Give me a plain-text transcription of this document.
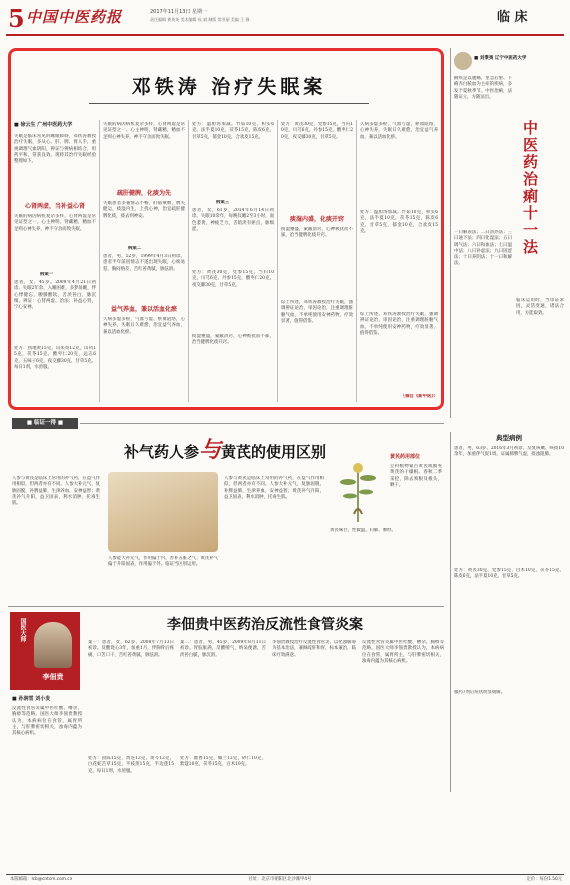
5 中国中医药报	2017年11月13日 星期一
责任编辑 黄英英 美术编辑 侯 斌 制版 常亚丽 美编 王 静	临 床
邓铁涛 治疗失眠案
■ 徐云生 广州中医药大学
失眠是临床常见的睡眠障碍，邓铁涛教授治疗失眠，多从心、肝、脾、胃入手，重视调理气血阴阳，辨证与辨病相结合，用药平和，常获良效。现将其治疗失眠经验整理如下。
心肾两虚，当补益心肾
失眠的病因病机复杂多样，心肾两虚是常见证型之一。心主神明，肾藏精，精血不足则心神失养，神不守舍而致失眠。
病案一
患者，女，45岁。2009年4月21日初诊。失眠2年余，入睡困难，多梦易醒，伴心悸健忘，腰膝酸软，舌淡苔白，脉沉细。辨证：心肾两虚。治法：补益心肾，宁心安神。
处方：熟地黄15克，山茱萸12克，山药15克，茯苓15克，酸枣仁20克，远志6克，五味子6克，夜交藤30克，甘草5克。每日1剂，水煎服。
失眠的病因病机复杂多样，心肾两虚是常见证型之一。心主神明，肾藏精，精血不足则心神失养，神不守舍而致失眠。
疏肝健脾，化痰为先
失眠患者多兼情志不畅，肝郁乘脾，脾失健运，痰湿内生，上扰心神，治宜疏肝健脾化痰，痰去则神安。
病案二
患者，男，52岁，1999年4月3日初诊。患者半年前因情志不遂出现失眠，心烦易怒，胸闷纳差，舌红苔黄腻，脉弦滑。
益气养血，兼以活血化瘀
久病多虚多瘀，气血亏虚，瘀血阻络，心神失养，失眠日久难愈，治宜益气养血，兼以活血化瘀。
处方：温胆汤加减。竹茹10克，枳实6克，法半夏10克，茯苓15克，陈皮6克，甘草5克，郁金10克，合欢皮15克。
病案三
患者，女，61岁，2014年6月14日初诊。失眠10余年，每晚仅睡2至3小时，面色萎黄，神疲乏力，舌暗淡有瘀点，脉细涩。
处方：黄芪30克，党参15克，当归10克，川芎6克，丹参15克，酸枣仁20克，夜交藤30克，甘草5克。
痰湿壅盛，蒙蔽清窍，心神被扰而不寐，治当健脾化痰开窍。
处方：黄芪30克，党参15克，当归10克，川芎6克，丹参15克，酸枣仁20克，夜交藤30克，甘草5克。
痰湿内盛，化痰开窍
痰湿壅盛，蒙蔽清窍，心神被扰而不寐，治当健脾化痰开窍。
综上所述，邓铁涛教授治疗失眠，强调辨证论治，审因论治，注重调理脏腑气血，不单纯使用安神药物，疗效显著，值得借鉴。
久病多虚多瘀，气血亏虚，瘀血阻络，心神失养，失眠日久难愈，治宜益气养血，兼以活血化瘀。
处方：温胆汤加减。竹茹10克，枳实6克，法半夏10克，茯苓15克，陈皮6克，甘草5克，郁金10克，合欢皮15克。
综上所述，邓铁涛教授治疗失眠，强调辨证论治，审因论治，注重调理脏腑气血，不单纯使用安神药物，疗效显著，值得借鉴。
（摘自《新中医》）
■ 刘秉夷 辽宁中医药大学
痢疾是以腹痛、里急后重、下痢赤白脓血为主症的疾病，多发于夏秋季节。中医治痢，法随证立，方随法出。
中医药治痢十一法
一曰解表法；二曰清热法；三曰通下法；四曰化湿法；五曰调气法；六曰和血法；七曰温中法；八曰补虚法；九曰固涩法；十曰养阴法；十一曰和解法。
临床运用时，当审证求因，灵活变通，诸法合用，方能取效。
■ 临证一得 ■
补气药人参与黄芪的使用区别
人参与黄芪是临床上常用的补气药，在益气作用相似，但两者亦有不同。人参大补元气，复脉固脱，补脾益肺，生津养血，安神益智；黄芪补气升阳，益卫固表，利水消肿，托毒生肌。
人参能大补元气，作用偏于内，善补五脏之气；黄芪补气偏于升阳固表，作用偏于外。临证当区别运用。
人参与黄芪是临床上常用的补气药，在益气作用相似，但两者亦有不同。人参大补元气，复脉固脱，补脾益肺，生津养血，安神益智；黄芪补气升阳，益卫固表，利水消肿，托毒生肌。
黄芪药用部位
豆科植物蒙古黄芪或膜荚黄芪的干燥根。春秋二季采挖，除去须根及根头，晒干。
黄芪味甘，性微温。归肺、脾经。
典型病例
患者，男，63岁。2016年3月初诊。反复咳嗽、咳痰10余年，加重伴气促1周。证属肺脾气虚，痰浊阻肺。
处方：黄芪30克，党参15克，白术10克，茯苓15克，陈皮6克，法半夏10克，甘草5克。
服药7剂后症状明显缓解。
国医大师
李佃贵
李佃贵中医药治反流性食管炎案
■ 孙润雪 刘小发
反流性食管炎属中医吐酸、嘈杂、胸痹等范畴。国医大师李佃贵教授认为，本病病位在食管，属胃所主，与肝脾密切相关，浊毒内蕴为其核心病机。
案一：患者，女，62岁，2008年7月13日初诊。反酸烧心3年，加重1月，伴胸骨后疼痛，口苦口干，舌红苔黄腻，脉弦滑。
处方：茵陈15克，黄连12克，黄芩12克，白花蛇舌草15克，半枝莲15克，半边莲15克，每日1剂，水煎服。
案二：患者，男，45岁，2009年8月11日初诊。胃脘胀满，反酸嗳气，纳呆便溏，舌淡苔白腻，脉沉滑。
处方：藿香15克，佩兰12克，砂仁10克，紫蔻10克，茯苓15克，白术10克。
李佃贵教授治疗反流性食管炎，以化浊解毒为基本治法，兼顾疏肝和胃，标本兼治，临床疗效满意。
反流性食管炎属中医吐酸、嘈杂、胸痹等范畴。国医大师李佃贵教授认为，本病病位在食管，属胃所主，与肝脾密切相关，浊毒内蕴为其核心病机。
本版邮箱：lcb@cntcm.com.cn	社址：北京市朝阳区北沙滩甲4号	定价：每份1.50元
